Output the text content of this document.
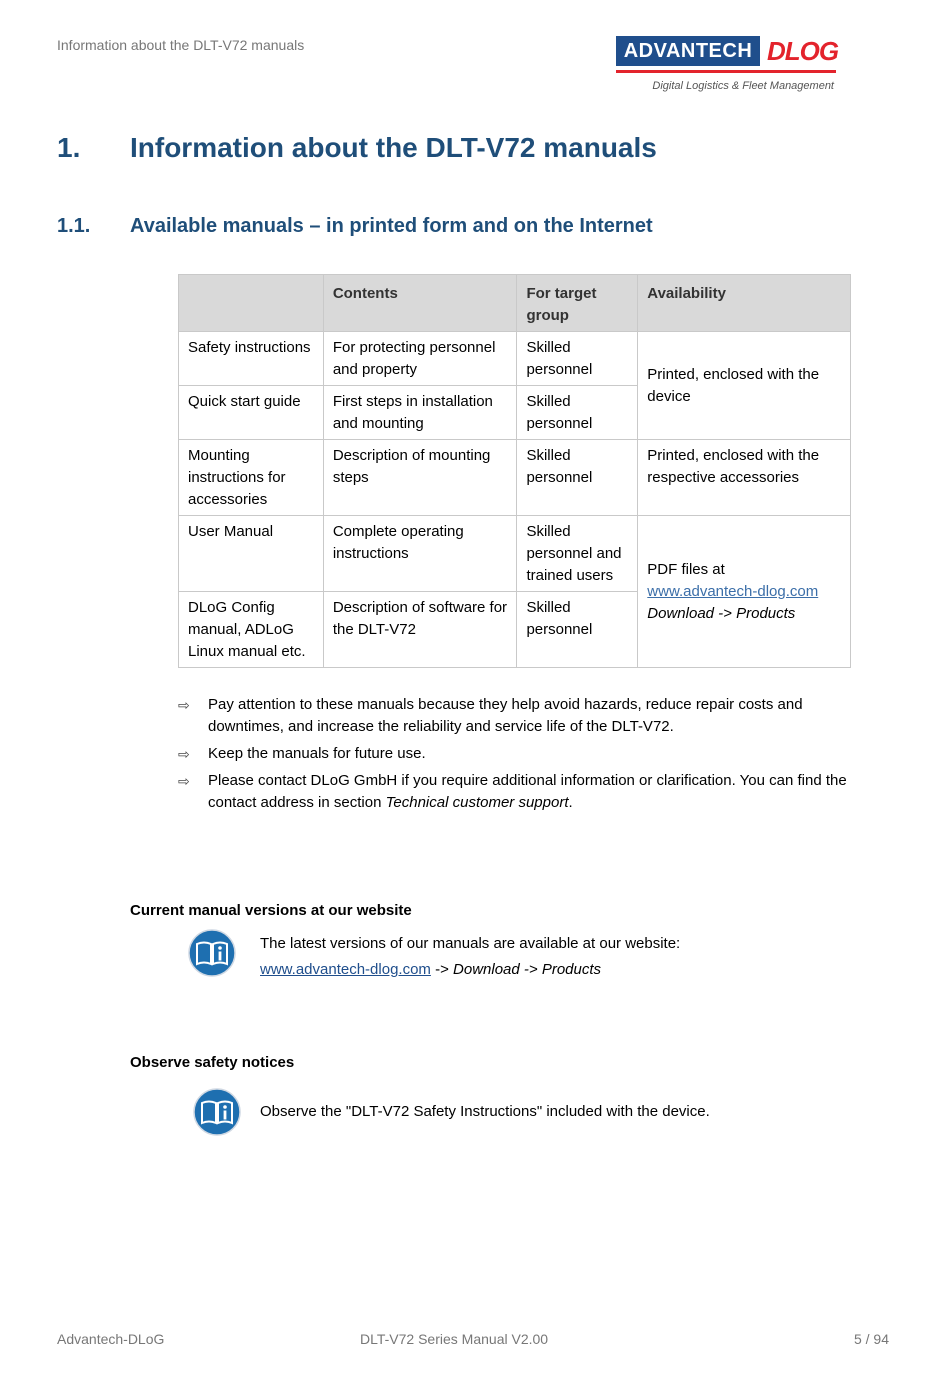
Information about the DLT-V72 manuals	ADVANTECH DLOG
Digital Logistics & Fleet Management
1.	Information about the DLT-V72 manuals
1.1.	Available manuals – in printed form and on the Internet
	Contents	For target group	Availability
Safety instructions	For protecting personnel and property	Skilled personnel	Printed, enclosed with the device
Quick start guide	First steps in installation and mounting	Skilled personnel	
Mounting instructions for accessories	Description of mounting steps	Skilled personnel	Printed, enclosed with the respective accessories
User Manual	Complete operating instructions	Skilled personnel and trained users	PDF files at
www.advantech-dlog.com
Download -> Products

DLoG Config manual, ADLoG Linux manual etc.	Description of software for the DLT-V72	Skilled personnel	
⇨	Pay attention to these manuals because they help avoid hazards, reduce repair costs and downtimes, and increase the reliability and service life of the DLT-V72.
⇨	Keep the manuals for future use.
⇨	Please contact DLoG GmbH if you require additional information or clarification. You can find the contact address in section Technical customer support.
Current manual versions at our website
The latest versions of our manuals are available at our website:
www.advantech-dlog.com -> Download -> Products
Observe safety notices
Observe the "DLT-V72 Safety Instructions" included with the device.
Advantech-DLoG	DLT-V72 Series Manual V2.00	5 / 94
